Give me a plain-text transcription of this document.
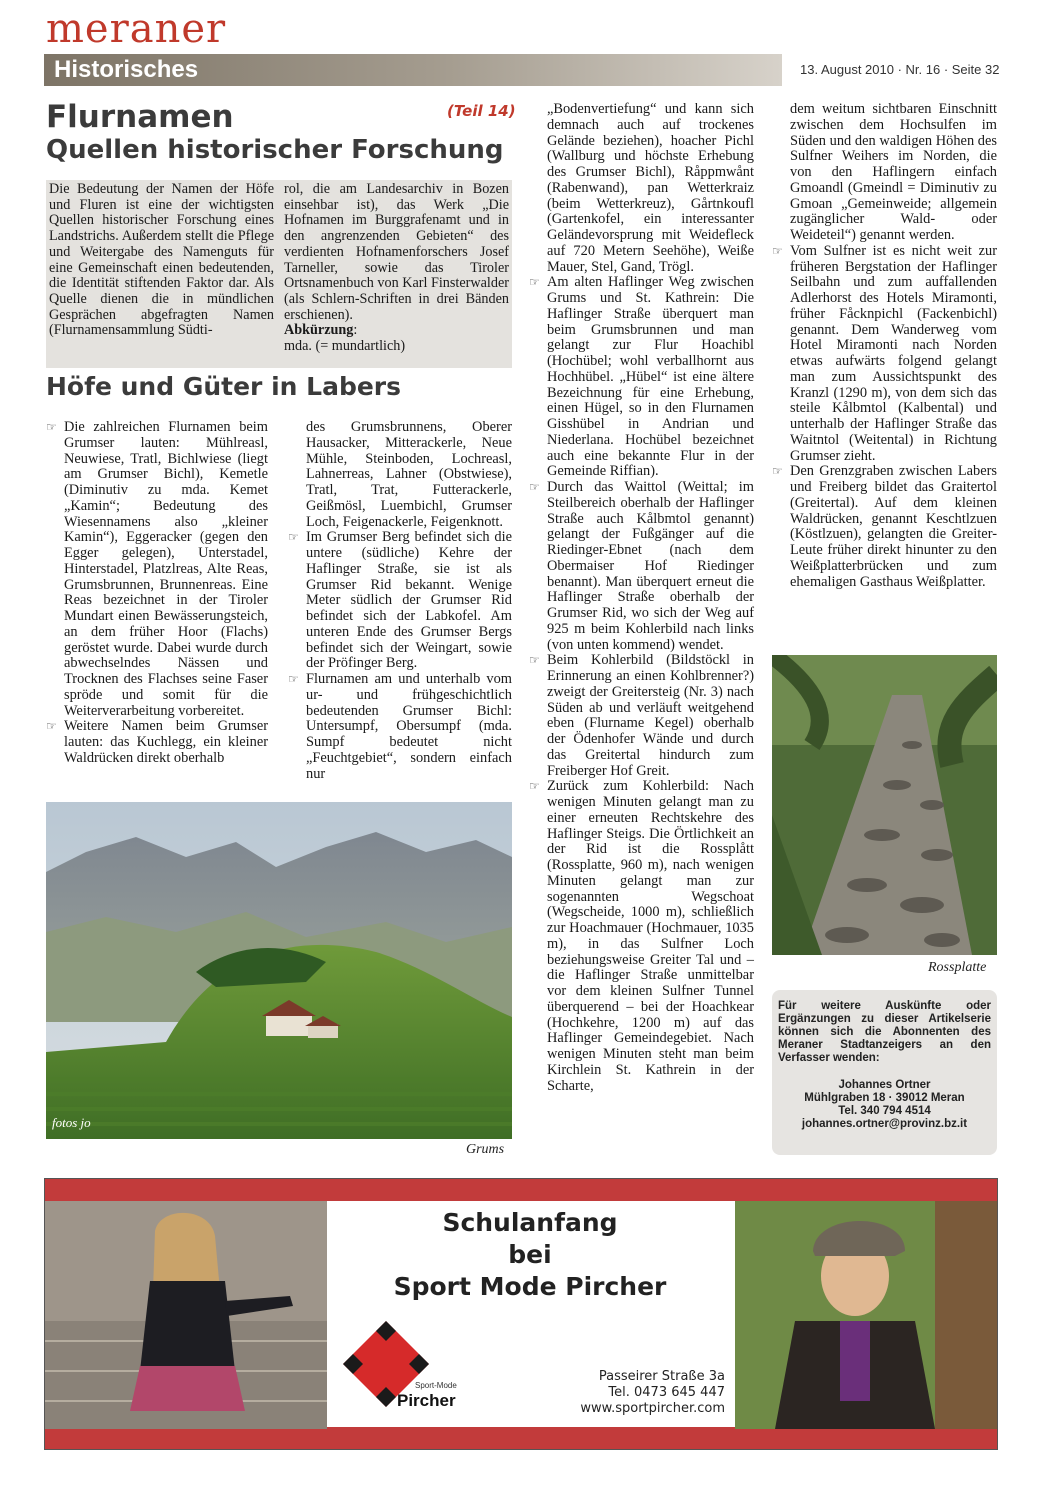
meraner
Historisches	13. August 2010 · Nr. 16 · Seite 32
Flurnamen
Quellen historischer Forschung
(Teil 14)
Die Bedeutung der Namen der Höfe und Fluren ist eine der wichtigsten Quellen historischer Forschung eines Landstrichs. Außerdem stellt die Pflege und Weitergabe des Namenguts für eine Gemeinschaft einen bedeutenden, die Identität stiftenden Faktor dar. Als Quelle dienen die in mündlichen Gesprächen abgefragten Namen (Flurnamensammlung Südti-
rol, die am Landesarchiv in Bozen einsehbar ist), das Werk „Die Hofnamen im Burggrafenamt und in den angrenzenden Gebieten“ des verdienten Hofnamenforschers Josef Tarneller, sowie das Tiroler Ortsnamenbuch von Karl Finsterwalder (als Schlern-Schriften in drei Bänden erschienen).
Abkürzung:
mda. (= mundartlich)
Höfe und Güter in Labers
☞ Die zahlreichen Flurnamen beim Grumser lauten: Mühlreasl, Neuwiese, Tratl, Bichlwiese (liegt am Grumser Bichl), Kemetle (Diminutiv zu mda. Kemet „Kamin“; Bedeutung des Wiesennamens also „kleiner Kamin“), Eggeracker (gegen den Egger gelegen), Unterstadel, Hinterstadel, Platzlreas, Alte Reas, Grumsbrunnen, Brunnenreas. Eine Reas bezeichnet in der Tiroler Mundart einen Bewässerungsteich, an dem früher Hoor (Flachs) geröstet wurde. Dabei wurde durch abwechselndes Nässen und Trocknen des Flachses seine Faser spröde und somit für die Weiterverarbeitung vorbereitet.
☞ Weitere Namen beim Grumser lauten: das Kuchlegg, ein kleiner Waldrücken direkt oberhalb
des Grumsbrunnens, Oberer Hausacker, Mitterackerle, Neue Mühle, Steinboden, Lochreasl, Lahnerreas, Lahner (Obstwiese), Tratl, Trat, Futterackerle, Geißmösl, Luembichl, Grumser Loch, Feigenackerle, Feigenknott.
☞ Im Grumser Berg befindet sich die untere (südliche) Kehre der Haflinger Straße, sie ist als Grumser Rid bekannt. Wenige Meter südlich der Grumser Rid befindet sich der Labkofel. Am unteren Ende des Grumser Bergs befindet sich der Weingart, sowie der Pröfinger Berg.
☞ Flurnamen am und unterhalb vom ur- und frühgeschichtlich bedeutenden Grumser Bichl: Untersumpf, Obersumpf (mda. Sumpf bedeutet nicht „Feuchtgebiet“, sondern einfach nur
„Bodenvertiefung“ und kann sich demnach auch auf trockenes Gelände beziehen), hoacher Pichl (Wallburg und höchste Erhebung des Grumser Bichl), Råppmwånt (Rabenwand), pan Wetterkraiz (beim Wetterkreuz), Gårtnkoufl (Gartenkofel, ein interessanter Geländevorsprung mit Weidefleck auf 720 Metern Seehöhe), Weiße Mauer, Stel, Gand, Trögl.
☞ Am alten Haflinger Weg zwischen Grums und St. Kathrein: Die Haflinger Straße überquert man beim Grumsbrunnen und man gelangt zur Flur Hoachibl (Hochübel; wohl verballhornt aus Hochhübel. „Hübel“ ist eine ältere Bezeichnung für eine Erhebung, einen Hügel, so in den Flurnamen Gisshübel in Andrian und Niederlana. Hochübel bezeichnet auch eine bekannte Flur in der Gemeinde Riffian).
☞ Durch das Waittol (Weittal; im Steilbereich oberhalb der Haflinger Straße auch Kålbmtol genannt) gelangt der Fußgänger auf die Riedinger-Ebnet (nach dem Obermaiser Hof Riedinger benannt). Man überquert erneut die Haflinger Straße oberhalb der Grumser Rid, wo sich der Weg auf 925 m beim Kohlerbild nach links (von unten kommend) wendet.
☞ Beim Kohlerbild (Bildstöckl in Erinnerung an einen Kohlbrenner?) zweigt der Greitersteig (Nr. 3) nach Süden ab und verläuft weitgehend eben (Flurname Kegel) oberhalb der Ödenhofer Wände und durch das Greitertal hindurch zum Freiberger Hof Greit.
☞ Zurück zum Kohlerbild: Nach wenigen Minuten gelangt man zu einer erneuten Rechtskehre des Haflinger Steigs. Die Örtlichkeit an der Rid ist die Rossplått (Rossplatte, 960 m), nach wenigen Minuten gelangt man zur sogenannten Wegschoat (Wegscheide, 1000 m), schließlich zur Hoachmauer (Hochmauer, 1035 m), in das Sulfner Loch beziehungsweise Greiter Tal und – die Haflinger Straße unmittelbar vor dem kleinen Sulfner Tunnel überquerend – bei der Hoachkear (Hochkehre, 1200 m) auf das Haflinger Gemeindegebiet. Nach wenigen Minuten steht man beim Kirchlein St. Kathrein in der Scharte,
dem weitum sichtbaren Einschnitt zwischen dem Hochsulfen im Süden und den waldigen Höhen des Sulfner Weihers im Norden, die von den Haflingern einfach Gmoandl (Gmeindl = Diminutiv zu Gmoan „Gemeinweide; allgemein zugänglicher Wald- oder Weideteil“) genannt werden.
☞ Vom Sulfner ist es nicht weit zur früheren Bergstation der Haflinger Seilbahn und zum auffallenden Adlerhorst des Hotels Miramonti, früher Fåcknpichl (Fackenbichl) genannt. Dem Wanderweg vom Hotel Miramonti nach Norden etwas aufwärts folgend gelangt man zum Aussichtspunkt des Kranzl (1290 m), von dem sich das steile Kålbmtol (Kalbental) und unterhalb der Haflinger Straße das Waitntol (Weitental) in Richtung Grumser zieht.
☞ Den Grenzgraben zwischen Labers und Freiberg bildet das Graitertol (Greitertal). Auf dem kleinen Waldrücken, genannt Keschtlzuen (Köstlzuen), gelangten die Greiter-Leute früher direkt hinunter zu den Weißplatterbrücken und zum ehemaligen Gasthaus Weißplatter.
fotos jo
Grums
Rossplatte
Für weitere Auskünfte oder Ergänzungen zu dieser Artikelserie können sich die Abonnenten des Meraner Stadtanzeigers an den Verfasser wenden:
Johannes Ortner
Mühlgraben 18 · 39012 Meran
Tel. 340 794 4514
johannes.ortner@provinz.bz.it
Schulanfang
bei
Sport Mode Pircher
Sport-Mode
Pircher
Passeirer Straße 3a
Tel. 0473 645 447
www.sportpircher.com
